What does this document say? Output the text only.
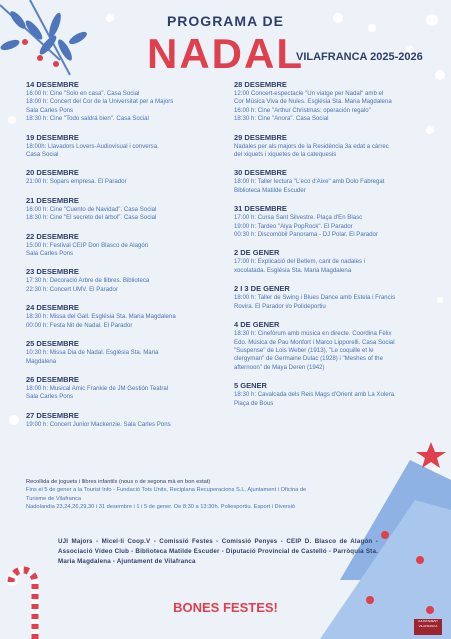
PROGRAMA DE
NADAL
VILAFRANCA 2025-2026
14 DESEMBRE
16:00 h: Cine "Solo en casa". Casa Social
18:00 h: Concert del Cor de la Universitat per a Majors
Sala Carles Pons
18:30 h: Cine "Todo saldrá bien". Casa Social
19 DESEMBRE
18:00h: Llavadors Lovers-Audiovisual i conversa.
Casa Social
20 DESEMBRE
21:00 h: Sopars empresa. El Parador
21 DESEMBRE
16:00 h: Cine "Cuento de Navidad". Casa Social
18:30 h: Cine "El secreto del árbol". Casa Social
22 DESEMBRE
15:00 h: Festival CEIP Don Blasco de Alagón
Sala Carles Pons
23 DESEMBRE
17:30 h: Decoració Arbre de llibres. Biblioteca
22:30 h: Concert UMV. El Parador
24 DESEMBRE
18:30 h: Missa del Gall. Església Sta. Maria Magdalena
00:00 h: Festa Nit de Nadal. El Parador
25 DESEMBRE
10:30 h: Missa Dia de Nadal. Església Sta. Maria
Magdalena
26 DESEMBRE
18:00 h: Musical Amic Frankie de JM Gestión Teatral
Sala Carles Pons
27 DESEMBRE
19:00 h: Concert Junior Mackenzie. Sala Carles Pons
28 DESEMBRE
12:00 Concert-espectacle "Un viatge per Nadal" amb el
Cor Música Viva de Nules. Església Sta. Maria Magdalena
16:00 h: Cine "Arthur Christmas: operación regalo"
18:30 h: Cine "Anora". Casa Social
29 DESEMBRE
Nadales per als majors de la Residència 3a edat a càrrec
del xiquets i xiquetes de la catequesis
30 DESEMBRE
18:00 h: Taller lectura "L'eco d'Aixe" amb Dolo Fabregat
Biblioteca Matilde Escuder
31 DESEMBRE
17:00 h: Cursa Sant Silvestre. Plaça d'En Blasc
19:00 h: Tardeo "Alya PopRock". El Parador
00:30 h: Discomòbil Panorama - DJ Polar. El Parador
2 DE GENER
17:00 h: Explicació del Betlem, cant de nadales i
xocolatada. Església Sta. Maria Magdalena
2 I 3 DE GENER
18:00 h: Taller de Swing i Blues Dance amb Estela i Francis
Rovira. El Parador i/o Polideportiu
4 DE GENER
18:30 h: Cinefòrum amb música en directe. Coordina Fèlix
Edo. Música de Pau Monfort i Marco Lipporelli. Casa Social
"Suspense" de Lois Weber (1913), "Le coquille et le
clergyman" de Germaine Dulac (1928) i "Meshes of the
afternoon" de Maya Deren (1942)
5 GENER
18:30 h: Cavalcada dels Reis Mags d'Orient amb La Xolera.
Plaça de Bous
Recollida de joguets i llibres infantils (nous o de segona mà en bon estat)
Fins el 5 de gener a la Tourist Info - Fundació Tots Units, Reciplana Recuperacions S.L, Ajuntament i Oficina de
Turisme de Vilafranca
Nadolandia 23,24,26,29,30 i 31 desembre i 1 i 5 de gener. De 8:30 a 13:30h. Poliesportiu. Esport i Diversió
UJI Majors - Micel·li Coop.V - Comissió Festes - Comissió Penyes - CEIP D. Blasco de Alagón - Associació Vídeo Club - Biblioteca Matilde Escuder - Diputació Provincial de Castelló - Parròquia Sta. Maria Magdalena - Ajuntament de Vilafranca
BONES FESTES!
AJUNTAMENT VILAFRANCA
